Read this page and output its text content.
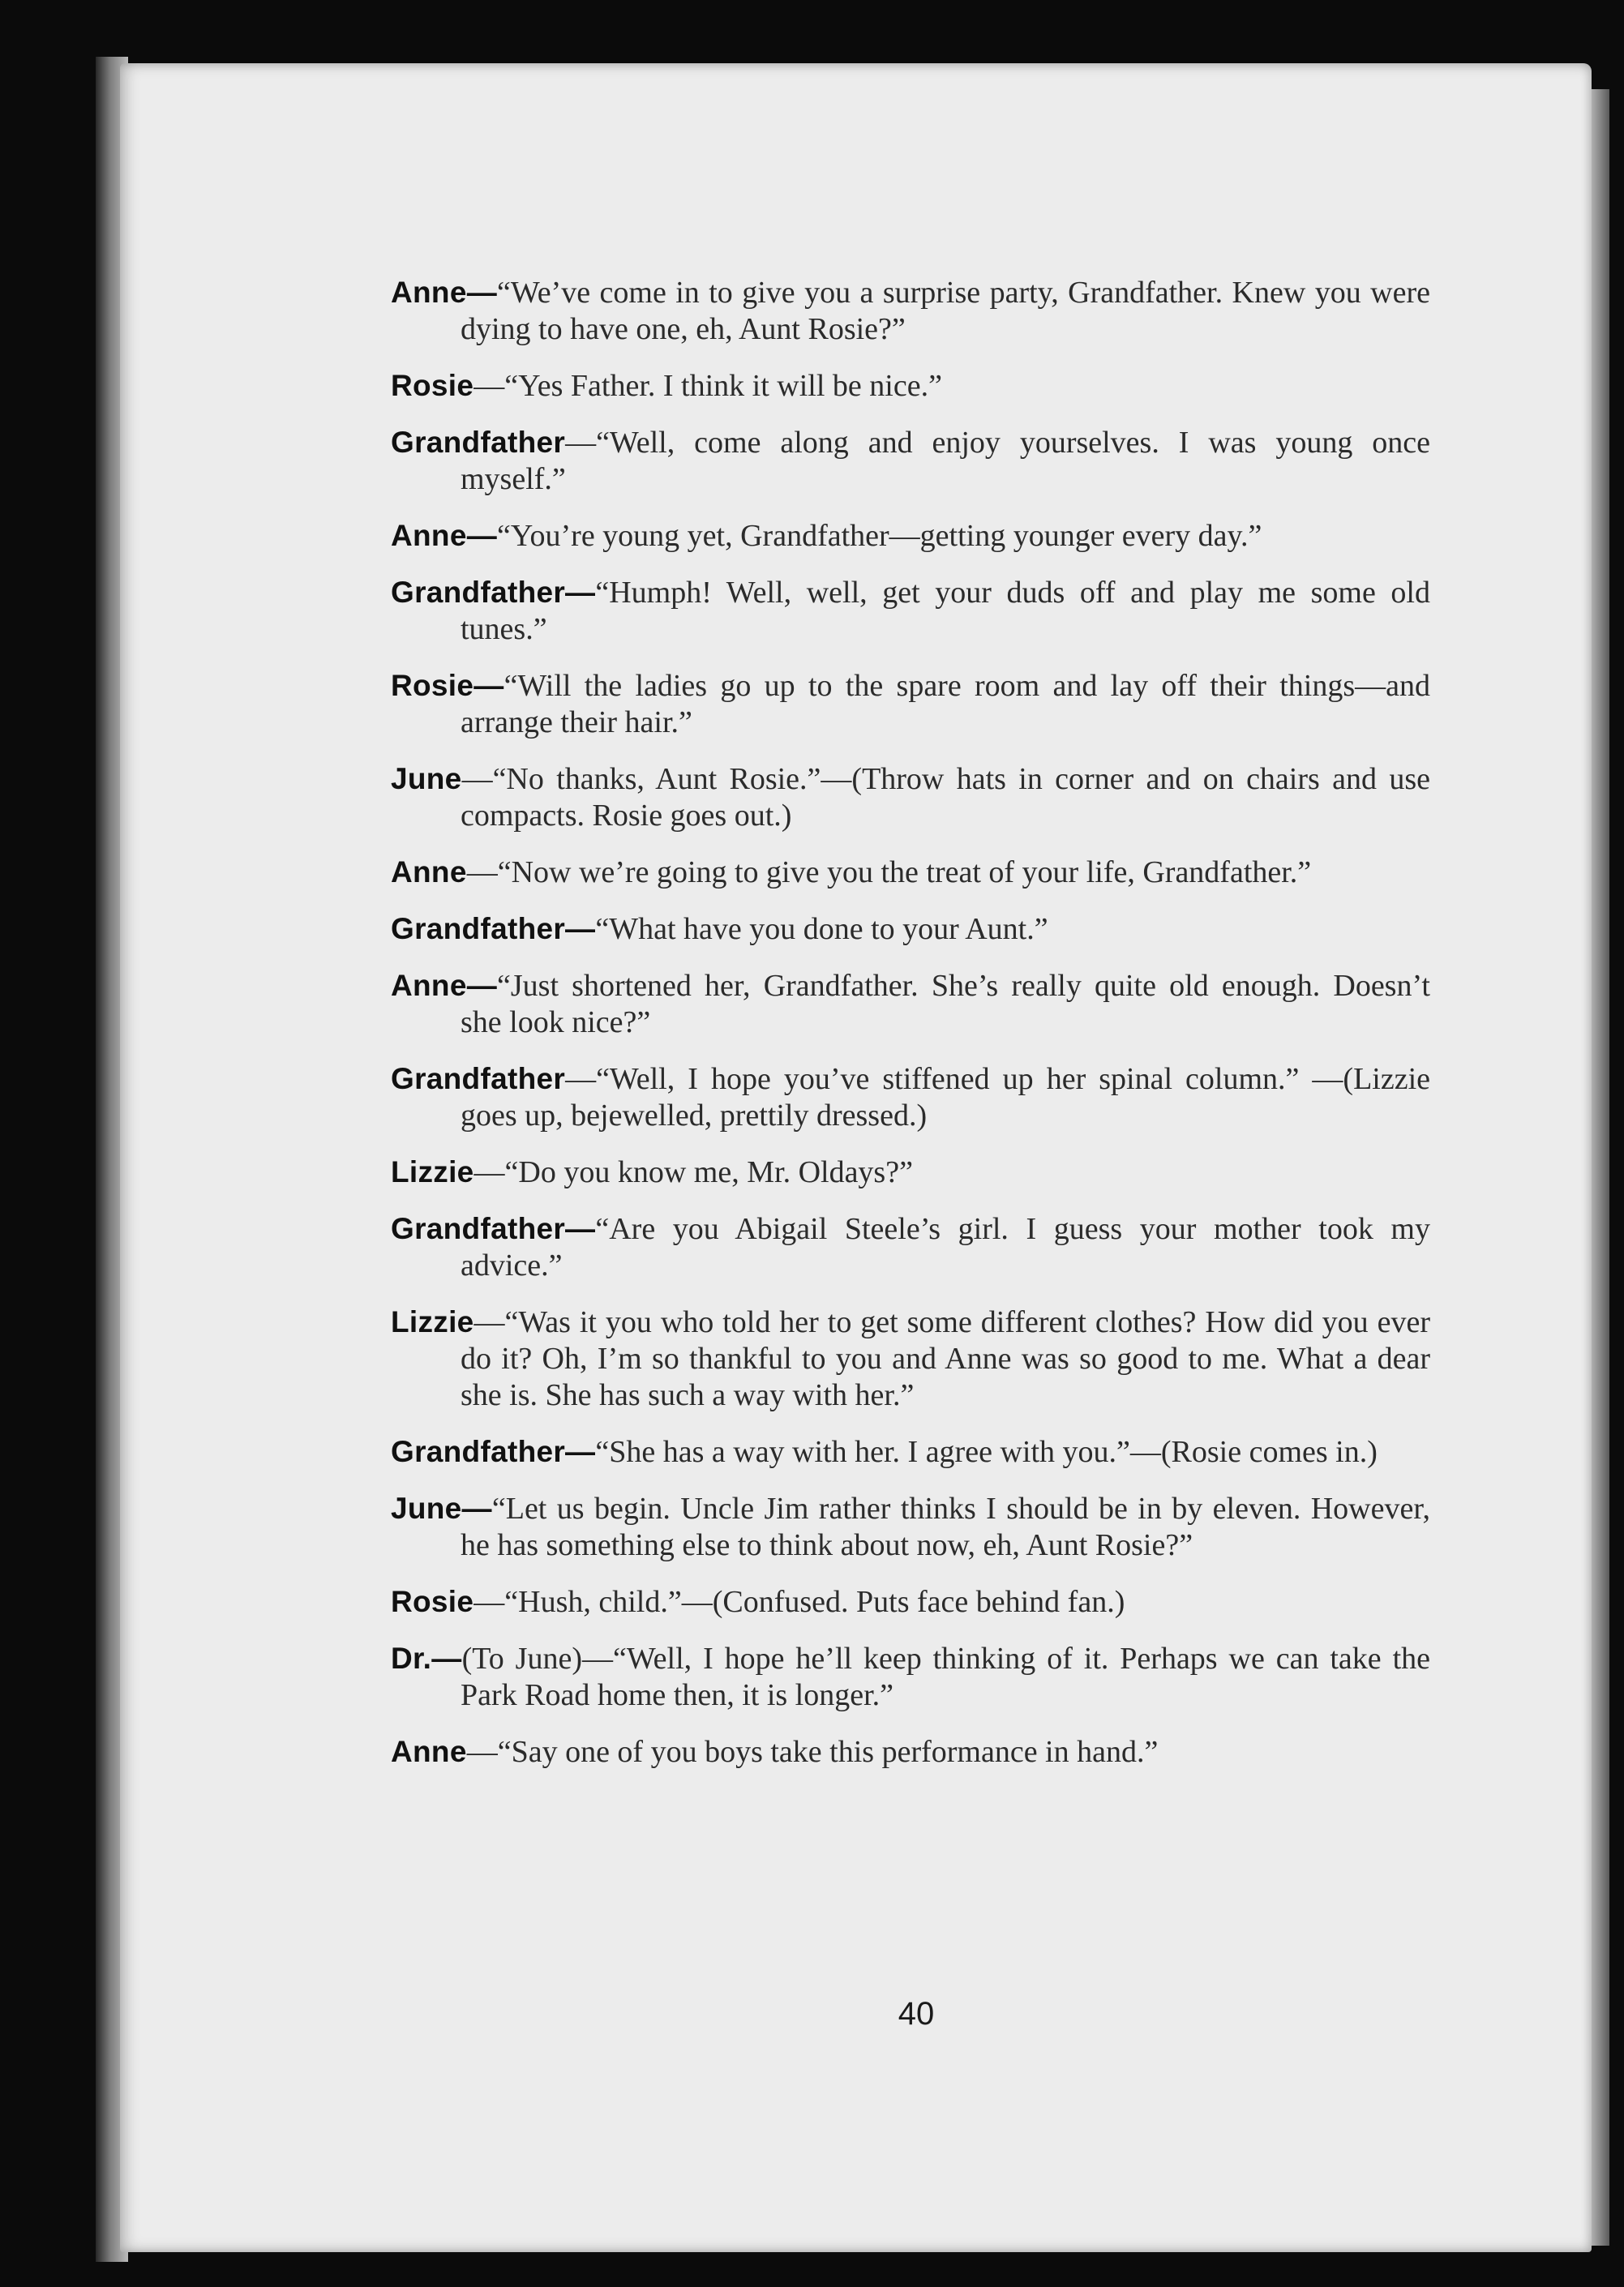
Anne—“We’ve come in to give you a surprise party, Grandfather. Knew you were dying to have one, eh, Aunt Rosie?”

Rosie—“Yes Father. I think it will be nice.”

Grandfather—“Well, come along and enjoy yourselves. I was young once myself.”

Anne—“You’re young yet, Grandfather—getting younger every day.”

Grandfather—“Humph! Well, well, get your duds off and play me some old tunes.”

Rosie—“Will the ladies go up to the spare room and lay off their things—and arrange their hair.”

June—“No thanks, Aunt Rosie.”—(Throw hats in corner and on chairs and use compacts. Rosie goes out.)

Anne—“Now we’re going to give you the treat of your life, Grandfather.”

Grandfather—“What have you done to your Aunt.”

Anne—“Just shortened her, Grandfather. She’s really quite old enough. Doesn’t she look nice?”

Grandfather—“Well, I hope you’ve stiffened up her spinal column.” —(Lizzie goes up, bejewelled, prettily dressed.)

Lizzie—“Do you know me, Mr. Oldays?”

Grandfather—“Are you Abigail Steele’s girl. I guess your mother took my advice.”

Lizzie—“Was it you who told her to get some different clothes? How did you ever do it? Oh, I’m so thankful to you and Anne was so good to me. What a dear she is. She has such a way with her.”

Grandfather—“She has a way with her. I agree with you.”—(Rosie comes in.)

June—“Let us begin. Uncle Jim rather thinks I should be in by eleven. However, he has something else to think about now, eh, Aunt Rosie?”

Rosie—“Hush, child.”—(Confused. Puts face behind fan.)

Dr.—(To June)—“Well, I hope he’ll keep thinking of it. Perhaps we can take the Park Road home then, it is longer.”

Anne—“Say one of you boys take this performance in hand.”

40
